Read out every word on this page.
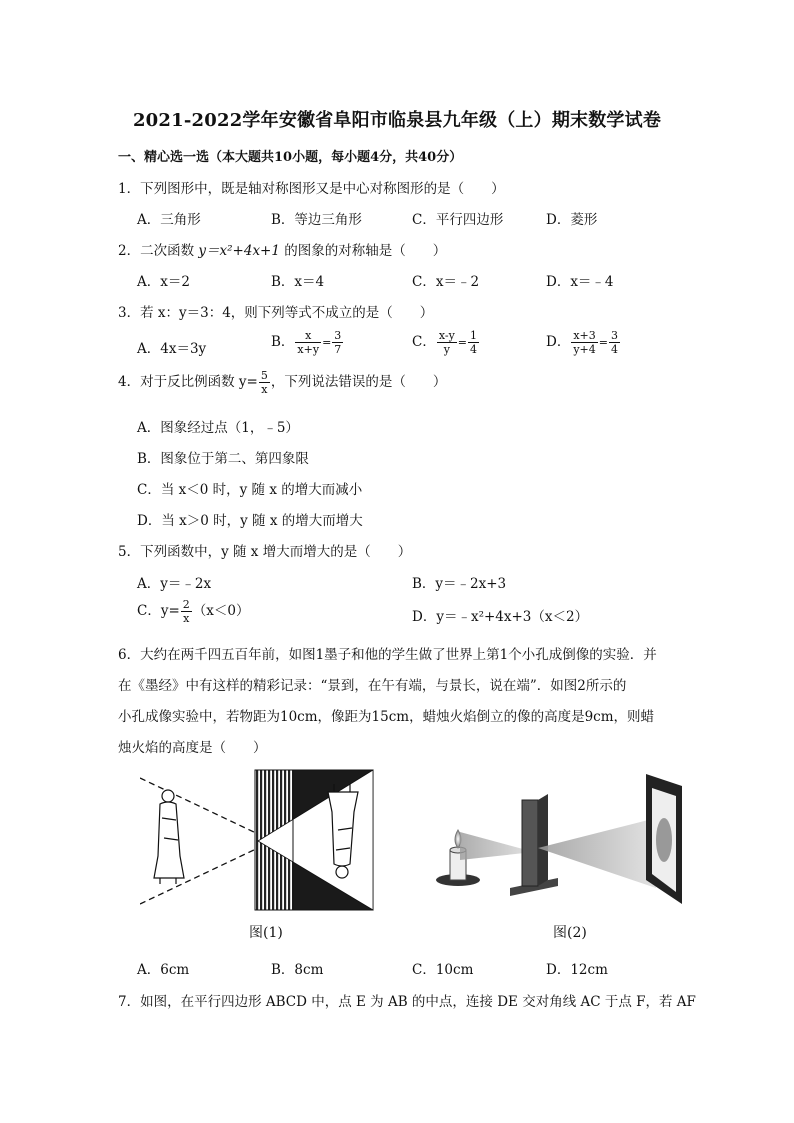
2021-2022学年安徽省阜阳市临泉县九年级（上）期末数学试卷
一、精心选一选（本大题共10小题，每小题4分，共40分）
1．下列图形中，既是轴对称图形又是中心对称图形的是（　　）
A．三角形	B．等边三角形	C．平行四边形	D．菱形
2．二次函数 y＝x²+4x+1 的图象的对称轴是（　　）
A．x＝2	B．x＝4	C．x＝﹣2	D．x＝﹣4
3．若 x：y＝3：4，则下列等式不成立的是（　　）
A．4x＝3y	B． $\frac{x}{x+y} = \frac{3}{7}$	C． $\frac{x-y}{y} = \frac{1}{4}$	D． $\frac{x+3}{y+4} = \frac{3}{4}$
4．对于反比例函数 $y= \frac{5}{x}$ ，下列说法错误的是（　　）
A．图象经过点（1，﹣5）
B．图象位于第二、第四象限
C．当 x＜0 时，y 随 x 的增大而减小
D．当 x＞0 时，y 随 x 的增大而增大
5．下列函数中，y 随 x 增大而增大的是（　　）
A．y＝﹣2x	B．y＝﹣2x+3
C．$y= \frac{2}{x} (x<0)$	D．y＝﹣x²+4x+3（x＜2）
6．大约在两千四五百年前，如图1墨子和他的学生做了世界上第1个小孔成倒像的实验．并
在《墨经》中有这样的精彩记录：“景到，在午有端，与景长，说在端”．如图2所示的
小孔成像实验中，若物距为10cm，像距为15cm，蜡烛火焰倒立的像的高度是9cm，则蜡
烛火焰的高度是（　　）
图(1)	图(2)
A．6cm	B．8cm	C．10cm	D．12cm
7．如图，在平行四边形 ABCD 中，点 E 为 AB 的中点，连接 DE 交对角线 AC 于点 F，若 AF
